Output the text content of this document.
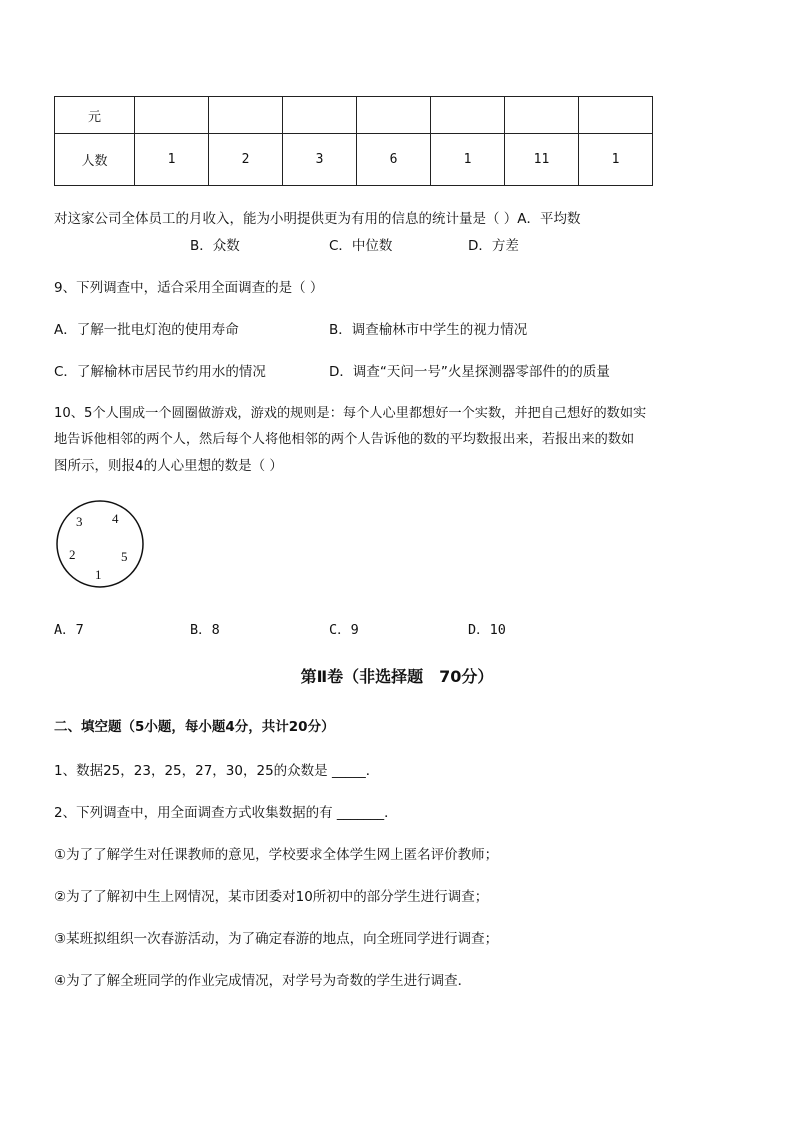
元							
人数	1	2	3	6	1	11	1
对这家公司全体员工的月收入，能为小明提供更为有用的信息的统计量是（ ）A．平均数
B．众数	C．中位数	D．方差
9、下列调查中，适合采用全面调查的是（ ）
A．了解一批电灯泡的使用寿命	B．调查榆林市中学生的视力情况
C．了解榆林市居民节约用水的情况	D．调查“天问一号”火星探测器零部件的的质量
10、5个人围成一个圆圈做游戏，游戏的规则是：每个人心里都想好一个实数，并把自己想好的数如实
地告诉他相邻的两个人，然后每个人将他相邻的两个人告诉他的数的平均数报出来，若报出来的数如
图所示，则报4的人心里想的数是（ ）
3 4
2	5
1
A．7	B．8	C．9	D．10
第Ⅱ卷（非选择题　70分）
二、填空题（5小题，每小题4分，共计20分）
1、数据25，23，25，27，30，25的众数是 _____．
2、下列调查中，用全面调查方式收集数据的有 _______．
①为了了解学生对任课教师的意见，学校要求全体学生网上匿名评价教师；
②为了了解初中生上网情况，某市团委对10所初中的部分学生进行调查；
③某班拟组织一次春游活动，为了确定春游的地点，向全班同学进行调查；
④为了了解全班同学的作业完成情况，对学号为奇数的学生进行调查．
